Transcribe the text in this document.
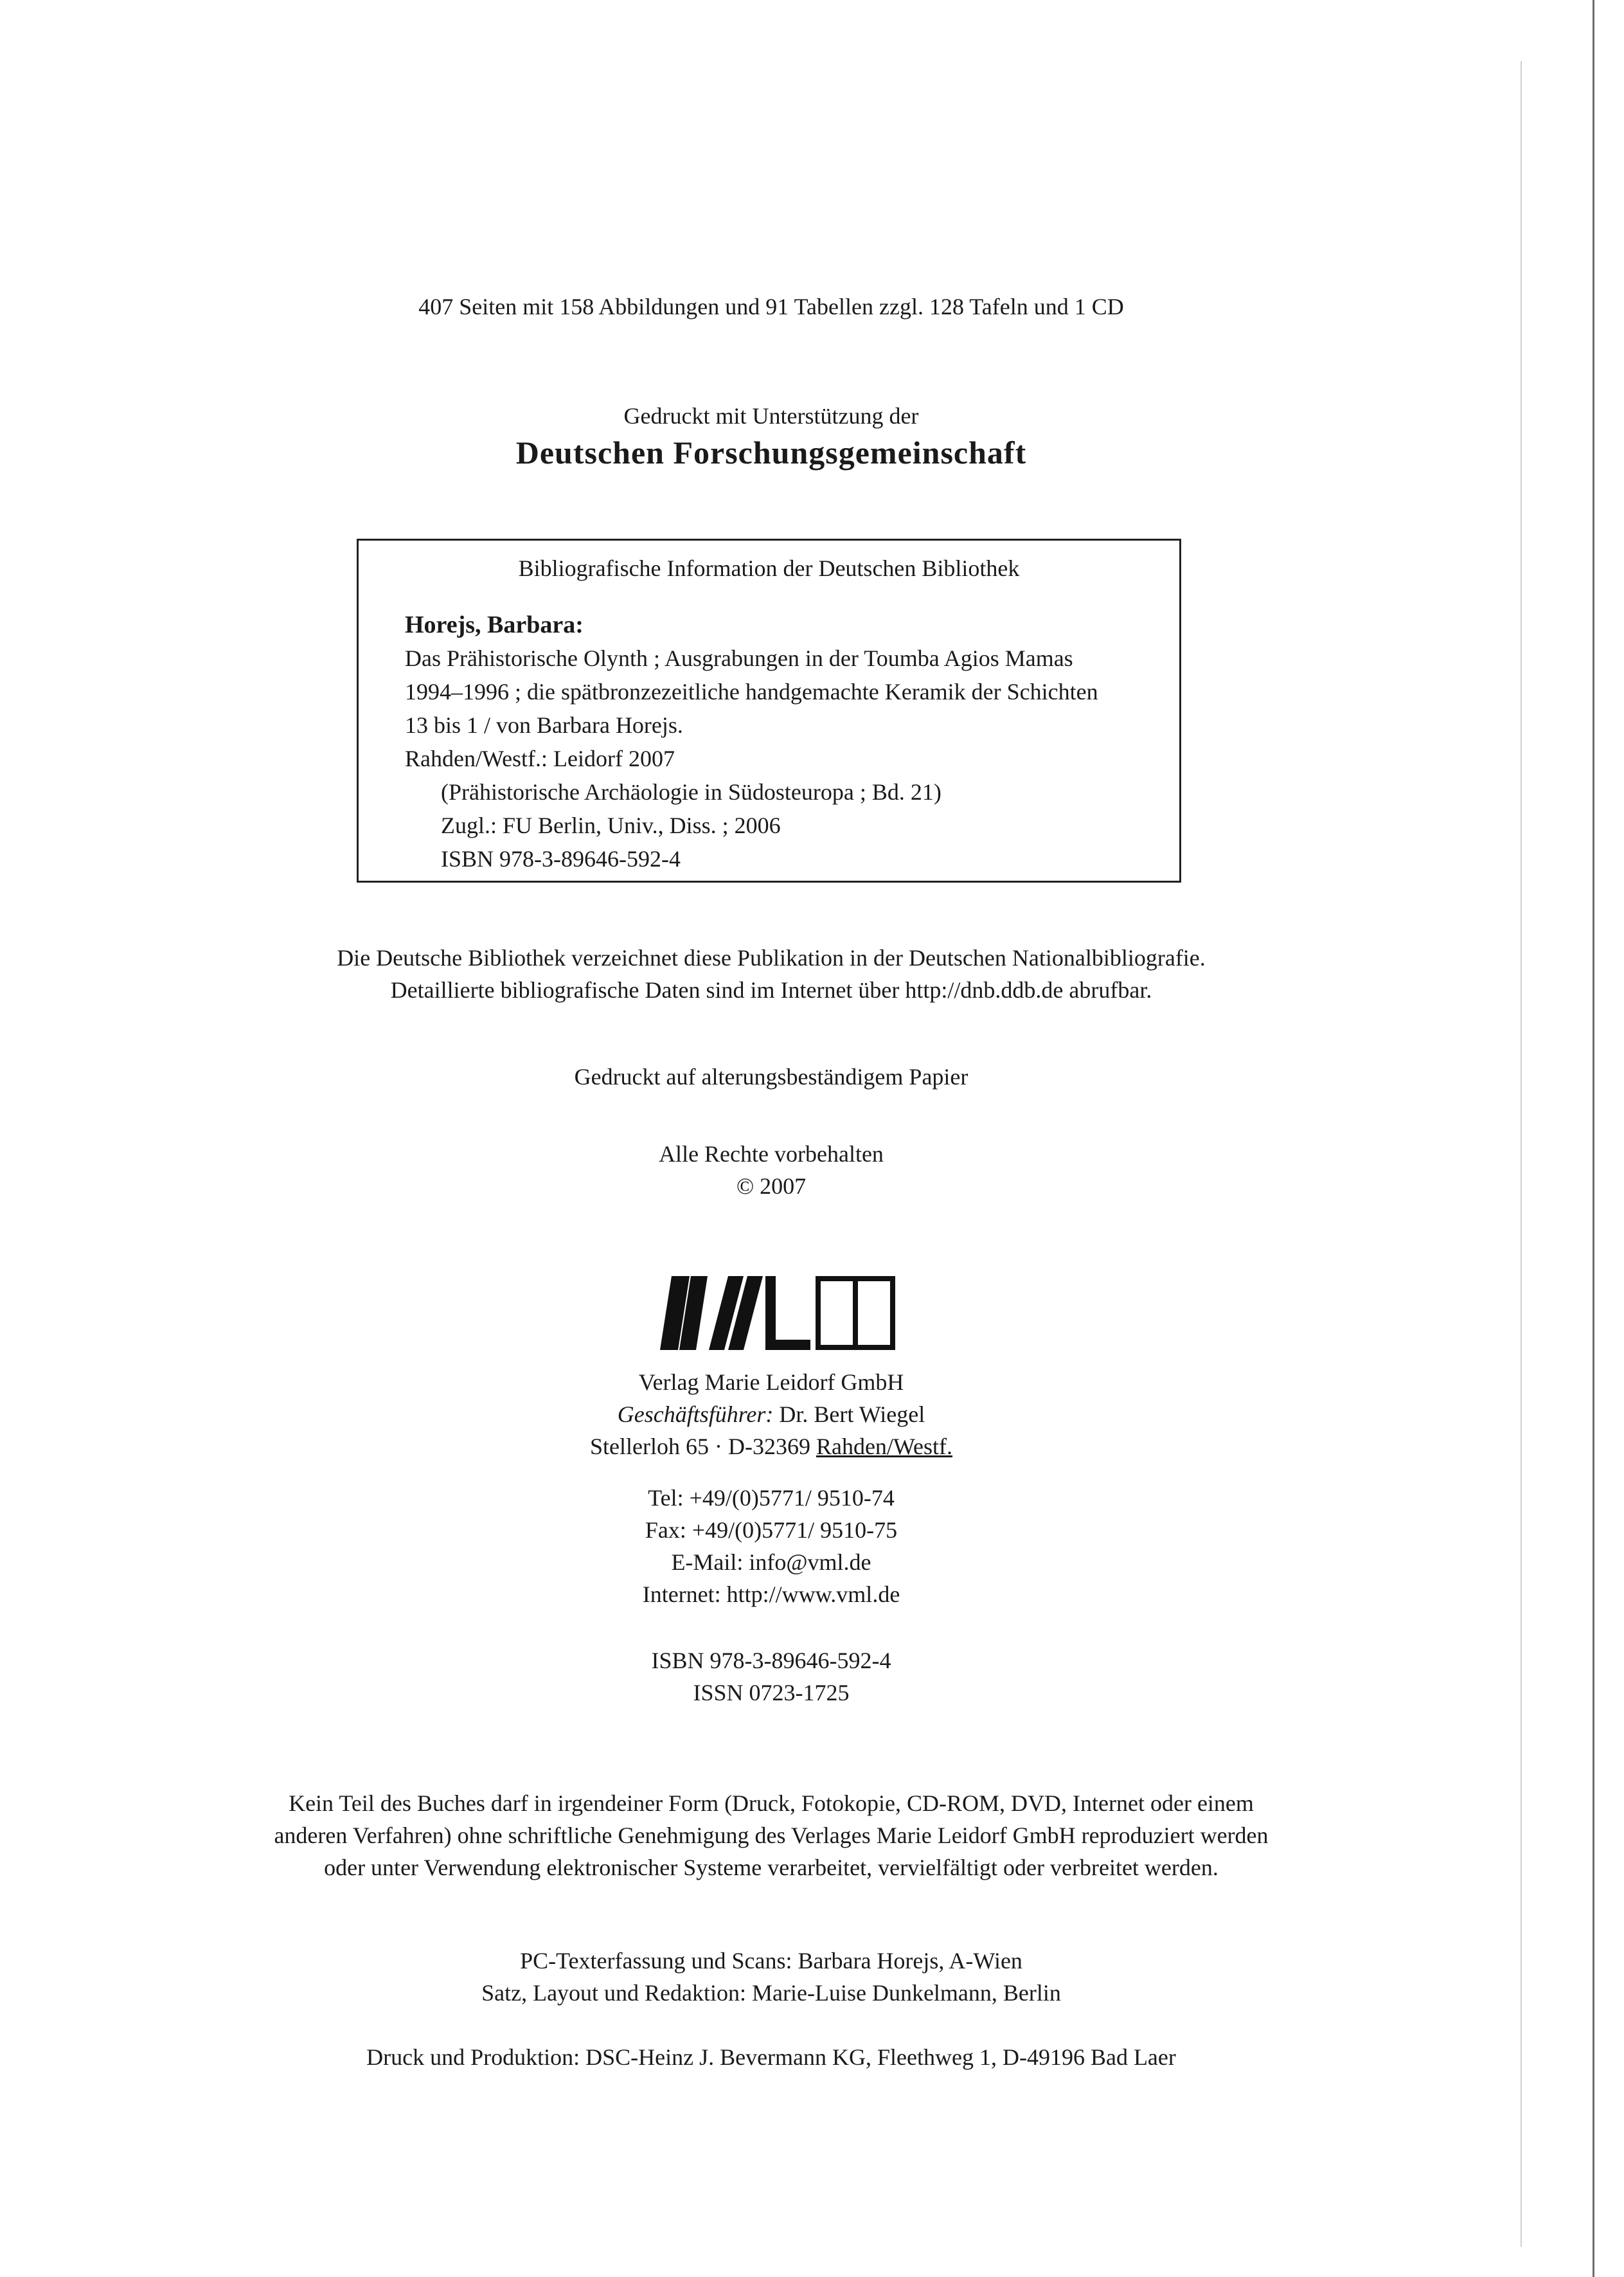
407 Seiten mit 158 Abbildungen und 91 Tabellen zzgl. 128 Tafeln und 1 CD
Gedruckt mit Unterstützung der
Deutschen Forschungsgemeinschaft
Bibliografische Information der Deutschen Bibliothek
Horejs, Barbara:
Das Prähistorische Olynth ; Ausgrabungen in der Toumba Agios Mamas
1994–1996 ; die spätbronzezeitliche handgemachte Keramik der Schichten
13 bis 1 / von Barbara Horejs.
Rahden/Westf.: Leidorf 2007
(Prähistorische Archäologie in Südosteuropa ; Bd. 21)
Zugl.: FU Berlin, Univ., Diss. ; 2006
ISBN 978-3-89646-592-4
Die Deutsche Bibliothek verzeichnet diese Publikation in der Deutschen Nationalbibliografie.
Detaillierte bibliografische Daten sind im Internet über http://dnb.ddb.de abrufbar.
Gedruckt auf alterungsbeständigem Papier
Alle Rechte vorbehalten
© 2007
Verlag Marie Leidorf GmbH
Geschäftsführer: Dr. Bert Wiegel
Stellerloh 65 · D-32369 Rahden/Westf.
Tel: +49/(0)5771/ 9510-74
Fax: +49/(0)5771/ 9510-75
E-Mail: info@vml.de
Internet: http://www.vml.de
ISBN 978-3-89646-592-4
ISSN 0723-1725
Kein Teil des Buches darf in irgendeiner Form (Druck, Fotokopie, CD-ROM, DVD, Internet oder einem
anderen Verfahren) ohne schriftliche Genehmigung des Verlages Marie Leidorf GmbH reproduziert werden
oder unter Verwendung elektronischer Systeme verarbeitet, vervielfältigt oder verbreitet werden.
PC-Texterfassung und Scans: Barbara Horejs, A-Wien
Satz, Layout und Redaktion: Marie-Luise Dunkelmann, Berlin
Druck und Produktion: DSC-Heinz J. Bevermann KG, Fleethweg 1, D-49196 Bad Laer
